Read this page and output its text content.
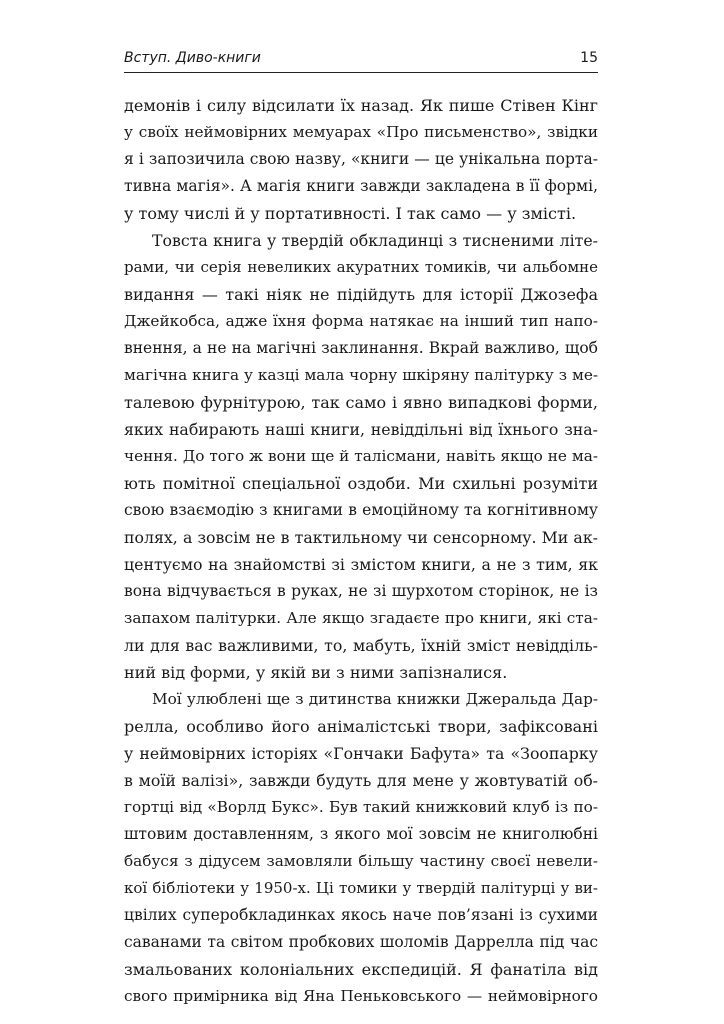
Вступ. Диво-книги	15
демонів і силу відсилати їх назад. Як пише Стівен Кінг
у своїх неймовірних мемуарах «Про письменство», звідки
я і запозичила свою назву, «книги — це унікальна порта-
тивна магія». А магія книги завжди закладена в її формі,
у тому числі й у портативності. І так само — у змісті.
Товста книга у твердій обкладинці з тисненими літе-
рами, чи серія невеликих акуратних томиків, чи альбомне
видання — такі ніяк не підійдуть для історії Джозефа
Джейкобса, адже їхня форма натякає на інший тип напо-
внення, а не на магічні заклинання. Вкрай важливо, щоб
магічна книга у казці мала чорну шкіряну палітурку з ме-
талевою фурнітурою, так само і явно випадкові форми,
яких набирають наші книги, невіддільні від їхнього зна-
чення. До того ж вони ще й талісмани, навіть якщо не ма-
ють помітної спеціальної оздоби. Ми схильні розуміти
свою взаємодію з книгами в емоційному та когнітивному
полях, а зовсім не в тактильному чи сенсорному. Ми ак-
центуємо на знайомстві зі змістом книги, а не з тим, як
вона відчувається в руках, не зі шурхотом сторінок, не із
запахом палітурки. Але якщо згадаєте про книги, які ста-
ли для вас важливими, то, мабуть, їхній зміст невідділь-
ний від форми, у якій ви з ними запізналися.
Мої улюблені ще з дитинства книжки Джеральда Дар-
релла, особливо його анімалістські твори, зафіксовані
у неймовірних історіях «Гончаки Бафута» та «Зоопарку
в моїй валізі», завжди будуть для мене у жовтуватій об-
гортці від «Ворлд Букс». Був такий книжковий клуб із по-
штовим доставленням, з якого мої зовсім не книголюбні
бабуся з дідусем замовляли більшу частину своєї невели-
кої бібліотеки у 1950-х. Ці томики у твердій палітурці у ви-
цвілих суперобкладинках якось наче пов’язані із сухими
саванами та світом пробкових шоломів Даррелла під час
змальованих колоніальних експедицій. Я фанатіла від
свого примірника від Яна Пеньковського — неймовірного
